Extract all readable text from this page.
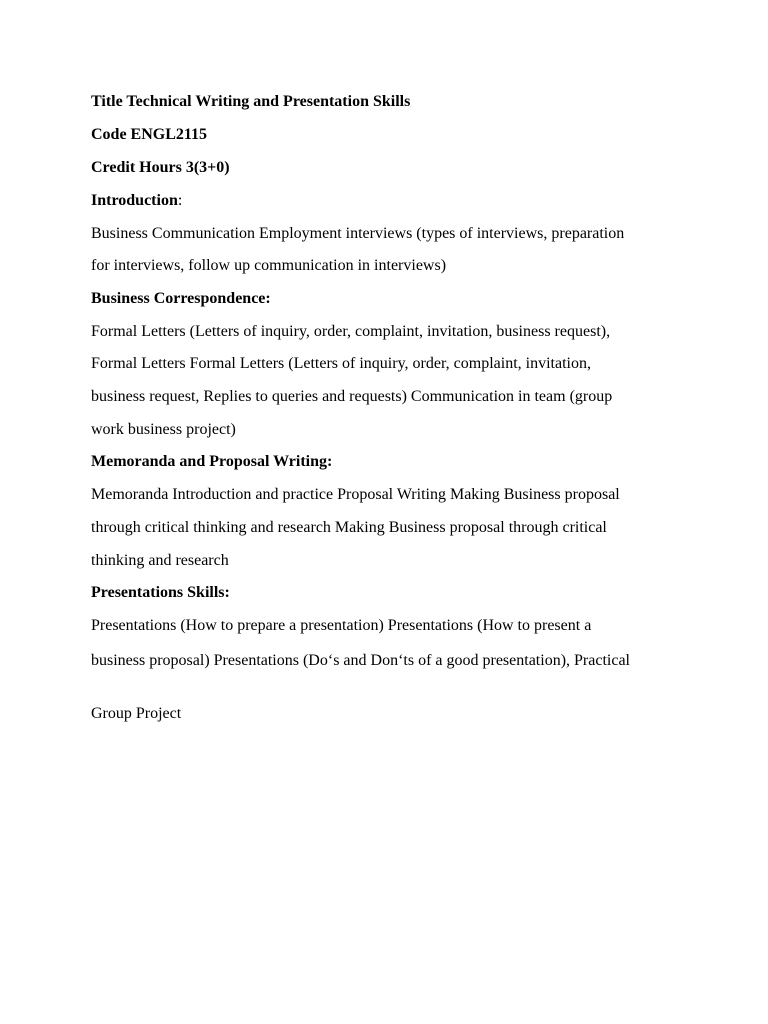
Title Technical Writing and Presentation Skills
Code ENGL2115
Credit Hours 3(3+0)
Introduction:
Business Communication Employment interviews (types of interviews, preparation
for interviews, follow up communication in interviews)
Business Correspondence:
Formal Letters (Letters of inquiry, order, complaint, invitation, business request),
Formal Letters Formal Letters (Letters of inquiry, order, complaint, invitation,
business request, Replies to queries and requests) Communication in team (group
work business project)
Memoranda and Proposal Writing:
Memoranda Introduction and practice Proposal Writing Making Business proposal
through critical thinking and research Making Business proposal through critical
thinking and research
Presentations Skills:
Presentations (How to prepare a presentation) Presentations (How to present a
business proposal) Presentations (Do‘s and Don‘ts of a good presentation), Practical
Group Project
